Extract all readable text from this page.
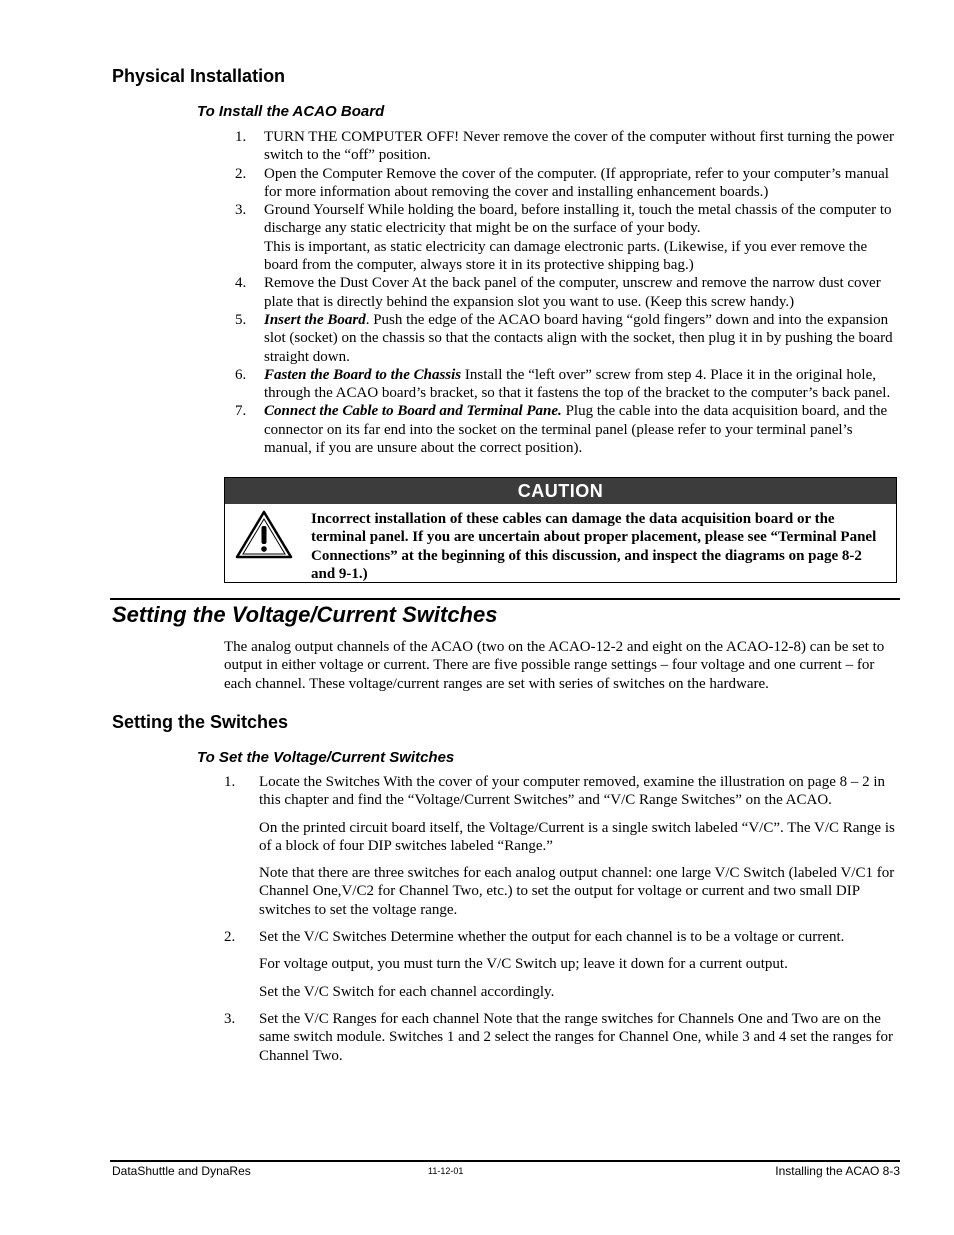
Physical Installation
To Install the ACAO Board
1.	TURN THE COMPUTER OFF! Never remove the cover of the computer without first turning the power switch to the “off” position.
2.	Open the Computer Remove the cover of the computer. (If appropriate, refer to your computer’s manual for more information about removing the cover and installing enhancement boards.)
3.	Ground Yourself While holding the board, before installing it, touch the metal chassis of the computer to discharge any static electricity that might be on the surface of your body.
This is important, as static electricity can damage electronic parts. (Likewise, if you ever remove the board from the computer, always store it in its protective shipping bag.)
4.	Remove the Dust Cover At the back panel of the computer, unscrew and remove the narrow dust cover plate that is directly behind the expansion slot you want to use. (Keep this screw handy.)
5.	Insert the Board. Push the edge of the ACAO board having “gold fingers” down and into the expansion slot (socket) on the chassis so that the contacts align with the socket, then plug it in by pushing the board straight down.
6.	Fasten the Board to the Chassis Install the “left over” screw from step 4. Place it in the original hole, through the ACAO board’s bracket, so that it fastens the top of the bracket to the computer’s back panel.
7.	Connect the Cable to Board and Terminal Pane. Plug the cable into the data acquisition board, and the connector on its far end into the socket on the terminal panel (please refer to your terminal panel’s manual, if you are unsure about the correct position).
CAUTION
Incorrect installation of these cables can damage the data acquisition board or the terminal panel. If you are uncertain about proper placement, please see “Terminal Panel Connections” at the beginning of this discussion, and inspect the diagrams on page 8-2 and 9-1.)
Setting the Voltage/Current Switches

The analog output channels of the ACAO (two on the ACAO-12-2 and eight on the ACAO-12-8) can be set to output in either voltage or current. There are five possible range settings – four voltage and one current – for each channel. These voltage/current ranges are set with series of switches on the hardware.

Setting the Switches
To Set the Voltage/Current Switches
1.	Locate the Switches With the cover of your computer removed, examine the illustration on page 8 – 2 in this chapter and find the “Voltage/Current Switches” and “V/C Range Switches” on the ACAO.

On the printed circuit board itself, the Voltage/Current is a single switch labeled “V/C”. The V/C Range is of a block of four DIP switches labeled “Range.”

Note that there are three switches for each analog output channel: one large V/C Switch (labeled V/C1 for Channel One,V/C2 for Channel Two, etc.) to set the output for voltage or current and two small DIP switches to set the voltage range.

2.	Set the V/C Switches Determine whether the output for each channel is to be a voltage or current.

For voltage output, you must turn the V/C Switch up; leave it down for a current output.

Set the V/C Switch for each channel accordingly.

3.	Set the V/C Ranges for each channel Note that the range switches for Channels One and Two are on the same switch module. Switches 1 and 2 select the ranges for Channel One, while 3 and 4 set the ranges for Channel Two.

DataShuttle and DynaRes	11-12-01	Installing the ACAO 8-3
